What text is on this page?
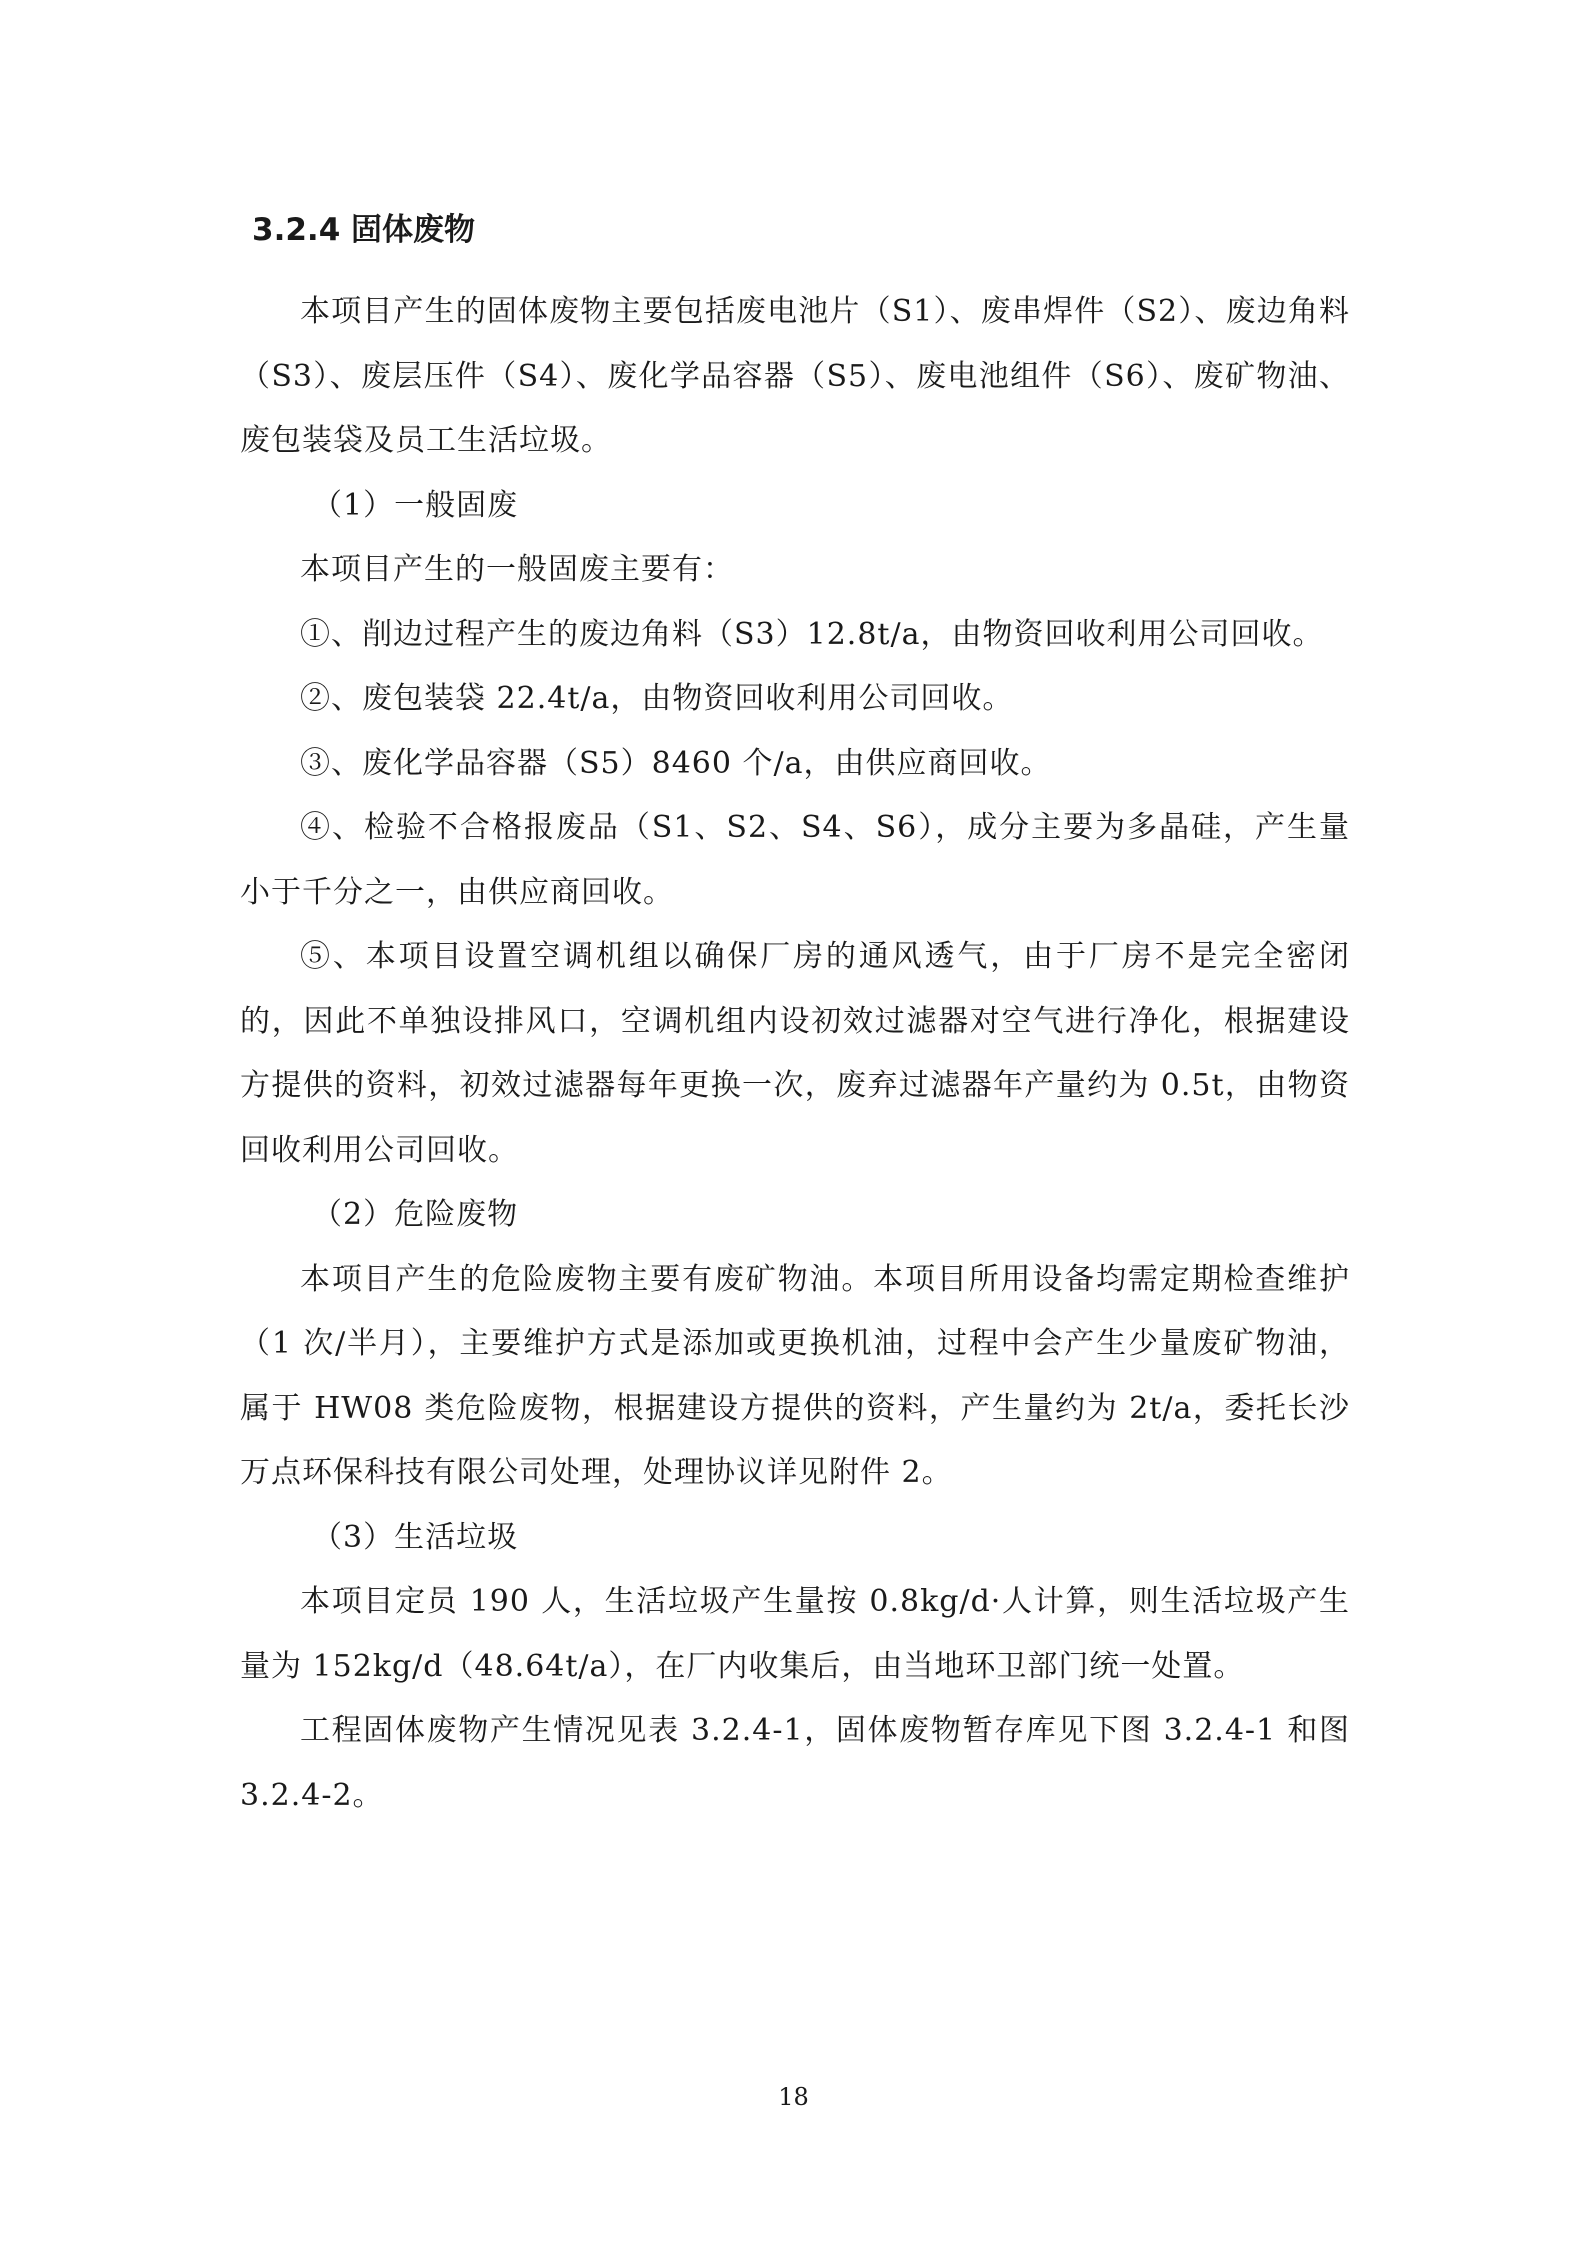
3.2.4 固体废物

本项目产生的固体废物主要包括废电池片（S1）、废串焊件（S2）、废边角料（S3）、废层压件（S4）、废化学品容器（S5）、废电池组件（S6）、废矿物油、废包装袋及员工生活垃圾。

（1）一般固废

本项目产生的一般固废主要有：

①、削边过程产生的废边角料（S3）12.8t/a，由物资回收利用公司回收。

②、废包装袋 22.4t/a，由物资回收利用公司回收。

③、废化学品容器（S5）8460 个/a，由供应商回收。

④、检验不合格报废品（S1、S2、S4、S6），成分主要为多晶硅，产生量小于千分之一，由供应商回收。

⑤、本项目设置空调机组以确保厂房的通风透气，由于厂房不是完全密闭的，因此不单独设排风口，空调机组内设初效过滤器对空气进行净化，根据建设方提供的资料，初效过滤器每年更换一次，废弃过滤器年产量约为 0.5t，由物资回收利用公司回收。

（2）危险废物

本项目产生的危险废物主要有废矿物油。本项目所用设备均需定期检查维护（1 次/半月），主要维护方式是添加或更换机油，过程中会产生少量废矿物油，属于 HW08 类危险废物，根据建设方提供的资料，产生量约为 2t/a，委托长沙万点环保科技有限公司处理，处理协议详见附件 2。

（3）生活垃圾

本项目定员 190 人，生活垃圾产生量按 0.8kg/d·人计算，则生活垃圾产生量为 152kg/d（48.64t/a），在厂内收集后，由当地环卫部门统一处置。

工程固体废物产生情况见表 3.2.4-1，固体废物暂存库见下图 3.2.4-1 和图 3.2.4-2。

18
